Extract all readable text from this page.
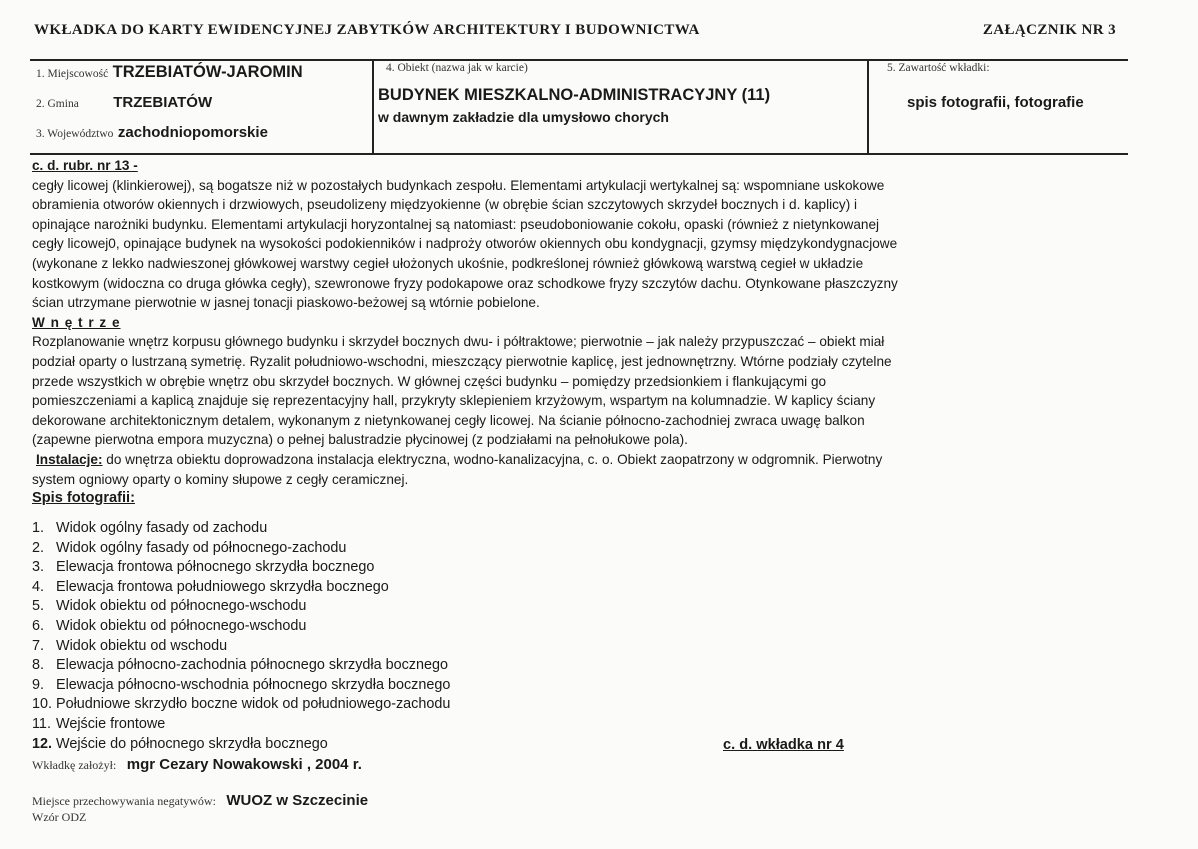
WKŁADKA DO KARTY EWIDENCYJNEJ ZABYTKÓW ARCHITEKTURY I BUDOWNICTWA	ZAŁĄCZNIK NR 3
1. Miejscowość TRZEBIATÓW-JAROMIN
2. Gmina TRZEBIATÓW
3. Województwo zachodniopomorskie
4. Obiekt (nazwa jak w karcie)
BUDYNEK MIESZKALNO-ADMINISTRACYJNY (11)
w dawnym zakładzie dla umysłowo chorych
5. Zawartość wkładki:
spis fotografii, fotografie
c. d. rubr. nr 13 -
cegły licowej (klinkierowej), są bogatsze niż w pozostałych budynkach zespołu. Elementami artykulacji wertykalnej są: wspomniane uskokowe
obramienia otworów okiennych i drzwiowych, pseudolizeny międzyokienne (w obrębie ścian szczytowych skrzydeł bocznych i d. kaplicy) i
opinające narożniki budynku. Elementami artykulacji horyzontalnej są natomiast: pseudoboniowanie cokołu, opaski (również z nietynkowanej
cegły licowej0, opinające budynek na wysokości podokienników i nadproży otworów okiennych obu kondygnacji, gzymsy międzykondygnacjowe
(wykonane z lekko nadwieszonej główkowej warstwy cegieł ułożonych ukośnie, podkreślonej również główkową warstwą cegieł w układzie
kostkowym (widoczna co druga główka cegły), szewronowe fryzy podokapowe oraz schodkowe fryzy szczytów dachu. Otynkowane płaszczyzny
ścian utrzymane pierwotnie w jasnej tonacji piaskowo-beżowej są wtórnie pobielone.
W n ę t r z e
Rozplanowanie wnętrz korpusu głównego budynku i skrzydeł bocznych dwu- i półtraktowe; pierwotnie – jak należy przypuszczać – obiekt miał
podział oparty o lustrzaną symetrię. Ryzalit południowo-wschodni, mieszczący pierwotnie kaplicę, jest jednownętrzny. Wtórne podziały czytelne
przede wszystkich w obrębie wnętrz obu skrzydeł bocznych. W głównej części budynku – pomiędzy przedsionkiem i flankującymi go
pomieszczeniami a kaplicą znajduje się reprezentacyjny hall, przykryty sklepieniem krzyżowym, wspartym na kolumnadzie. W kaplicy ściany
dekorowane architektonicznym detalem, wykonanym z nietynkowanej cegły licowej. Na ścianie północno-zachodniej zwraca uwagę balkon
(zapewne pierwotna empora muzyczna) o pełnej balustradzie płycinowej (z podziałami na pełnołukowe pola).
Instalacje: do wnętrza obiektu doprowadzona instalacja elektryczna, wodno-kanalizacyjna, c. o. Obiekt zaopatrzony w odgromnik. Pierwotny
system ogniowy oparty o kominy słupowe z cegły ceramicznej.
Spis fotografii:
1. Widok ogólny fasady od zachodu
2. Widok ogólny fasady od północnego-zachodu
3. Elewacja frontowa północnego skrzydła bocznego
4. Elewacja frontowa południowego skrzydła bocznego
5. Widok obiektu od północnego-wschodu
6. Widok obiektu od północnego-wschodu
7. Widok obiektu od wschodu
8. Elewacja północno-zachodnia północnego skrzydła bocznego
9. Elewacja północno-wschodnia północnego skrzydła bocznego
10. Południowe skrzydło boczne widok od południowego-zachodu
11. Wejście frontowe
12. Wejście do północnego skrzydła bocznego	c. d. wkładka nr 4
Wkładkę założył: mgr Cezary Nowakowski , 2004 r.
Miejsce przechowywania negatywów: WUOZ w Szczecinie
Wzór ODZ
